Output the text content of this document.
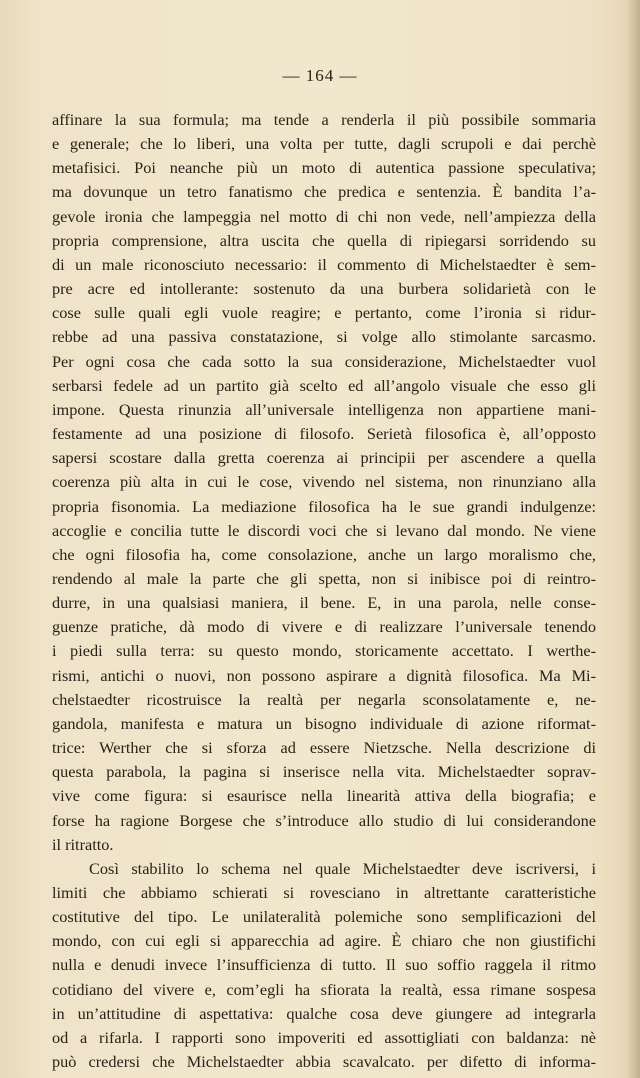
— 164 —

affinare la sua formula; ma tende a renderla il più possibile sommaria

e generale; che lo liberi, una volta per tutte, dagli scrupoli e dai perchè

metafisici. Poi neanche più un moto di autentica passione speculativa;

ma dovunque un tetro fanatismo che predica e sentenzia. È bandita l’a-

gevole ironia che lampeggia nel motto di chi non vede, nell’ampiezza della

propria comprensione, altra uscita che quella di ripiegarsi sorridendo su

di un male riconosciuto necessario: il commento di Michelstaedter è sem-

pre acre ed intollerante: sostenuto da una burbera solidarietà con le

cose sulle quali egli vuole reagire; e pertanto, come l’ironia si ridur-

rebbe ad una passiva constatazione, si volge allo stimolante sarcasmo.

Per ogni cosa che cada sotto la sua considerazione, Michelstaedter vuol

serbarsi fedele ad un partito già scelto ed all’angolo visuale che esso gli

impone. Questa rinunzia all’universale intelligenza non appartiene mani-

festamente ad una posizione di filosofo. Serietà filosofica è, all’opposto

sapersi scostare dalla gretta coerenza ai principii per ascendere a quella

coerenza più alta in cui le cose, vivendo nel sistema, non rinunziano alla

propria fisonomia. La mediazione filosofica ha le sue grandi indulgenze:

accoglie e concilia tutte le discordi voci che si levano dal mondo. Ne viene

che ogni filosofia ha, come consolazione, anche un largo moralismo che,

rendendo al male la parte che gli spetta, non si inibisce poi di reintro-

durre, in una qualsiasi maniera, il bene. E, in una parola, nelle conse-

guenze pratiche, dà modo di vivere e di realizzare l’universale tenendo

i piedi sulla terra: su questo mondo, storicamente accettato. I werthe-

rismi, antichi o nuovi, non possono aspirare a dignità filosofica. Ma Mi-

chelstaedter ricostruisce la realtà per negarla sconsolatamente e, ne-

gandola, manifesta e matura un bisogno individuale di azione riformat-

trice: Werther che si sforza ad essere Nietzsche. Nella descrizione di

questa parabola, la pagina si inserisce nella vita. Michelstaedter soprav-

vive come figura: si esaurisce nella linearità attiva della biografia; e

forse ha ragione Borgese che s’introduce allo studio di lui considerandone

il ritratto.

Così stabilito lo schema nel quale Michelstaedter deve iscriversi, i

limiti che abbiamo schierati si rovesciano in altrettante caratteristiche

costitutive del tipo. Le unilateralità polemiche sono semplificazioni del

mondo, con cui egli si apparecchia ad agire. È chiaro che non giustifichi

nulla e denudi invece l’insufficienza di tutto. Il suo soffio raggela il ritmo

cotidiano del vivere e, com’egli ha sfiorata la realtà, essa rimane sospesa

in un’attitudine di aspettativa: qualche cosa deve giungere ad integrarla

od a rifarla. I rapporti sono impoveriti ed assottigliati con baldanza: nè

può credersi che Michelstaedter abbia scavalcato. per difetto di informa-
